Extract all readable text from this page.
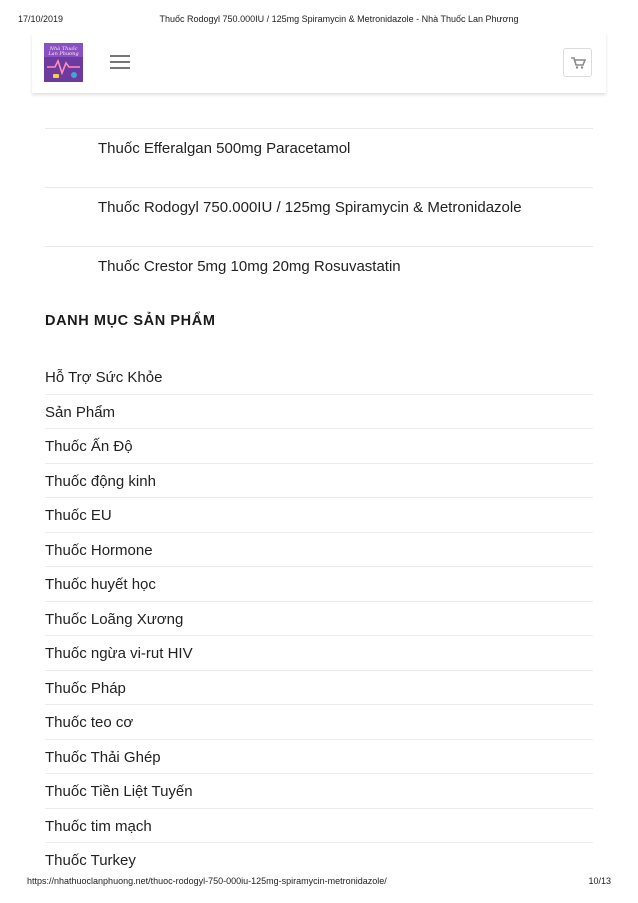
17/10/2019	Thuốc Rodogyl 750.000IU / 125mg Spiramycin & Metronidazole - Nhà Thuốc Lan Phương
Nhà Thuốc
Lan Phương
Thuốc Efferalgan 500mg Paracetamol
Thuốc Rodogyl 750.000IU / 125mg Spiramycin & Metronidazole
Thuốc Crestor 5mg 10mg 20mg Rosuvastatin
DANH MỤC SẢN PHẨM
Hỗ Trợ Sức Khỏe
Sản Phẩm
Thuốc Ấn Độ
Thuốc động kinh
Thuốc EU
Thuốc Hormone
Thuốc huyết học
Thuốc Loãng Xương
Thuốc ngừa vi-rut HIV
Thuốc Pháp
Thuốc teo cơ
Thuốc Thải Ghép
Thuốc Tiền Liệt Tuyến
Thuốc tim mạch
Thuốc Turkey
https://nhathuoclanphuong.net/thuoc-rodogyl-750-000iu-125mg-spiramycin-metronidazole/	10/13
